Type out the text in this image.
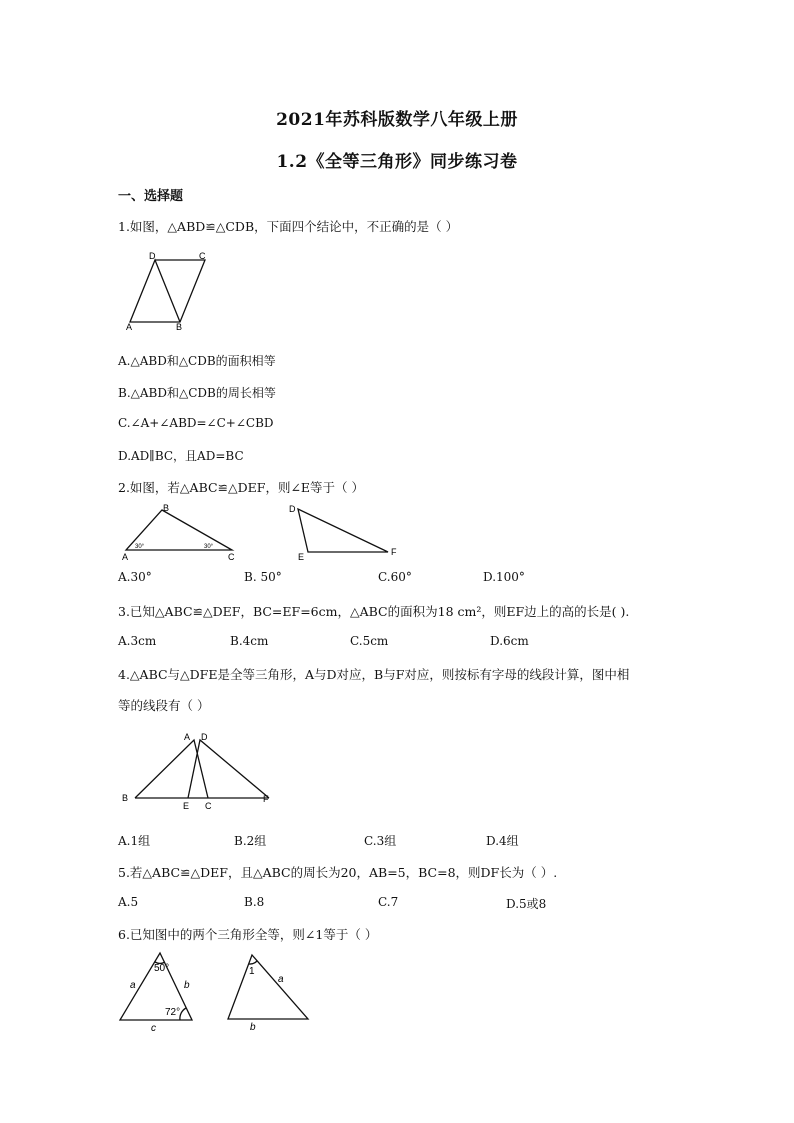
2021年苏科版数学八年级上册
1.2《全等三角形》同步练习卷
一、选择题
1.如图，△ABD≌△CDB，下面四个结论中，不正确的是（ ）
D	C
A	B
A.△ABD和△CDB的面积相等
B.△ABD和△CDB的周长相等
C.∠A+∠ABD=∠C+∠CBD
D.AD∥BC，且AD=BC
2.如图，若△ABC≌△DEF，则∠E等于（ ）
B
A	C
30°	30°
D
E	F
A.30°	B. 50°	C.60°	D.100°
3.已知△ABC≌△DEF，BC=EF=6cm，△ABC的面积为18 cm²，则EF边上的高的长是( ).
A.3cm	B.4cm	C.5cm	D.6cm
4.△ABC与△DFE是全等三角形，A与D对应，B与F对应，则按标有字母的线段计算，图中相
等的线段有（ ）
A D
B
E C
F
A.1组	B.2组	C.3组	D.4组
5.若△ABC≌△DEF，且△ABC的周长为20，AB=5，BC=8，则DF长为（ ）.
A.5	B.8	C.7	D.5或8
6.已知图中的两个三角形全等，则∠1等于（ ）
50°
a	b
72°
c
1
a
b
